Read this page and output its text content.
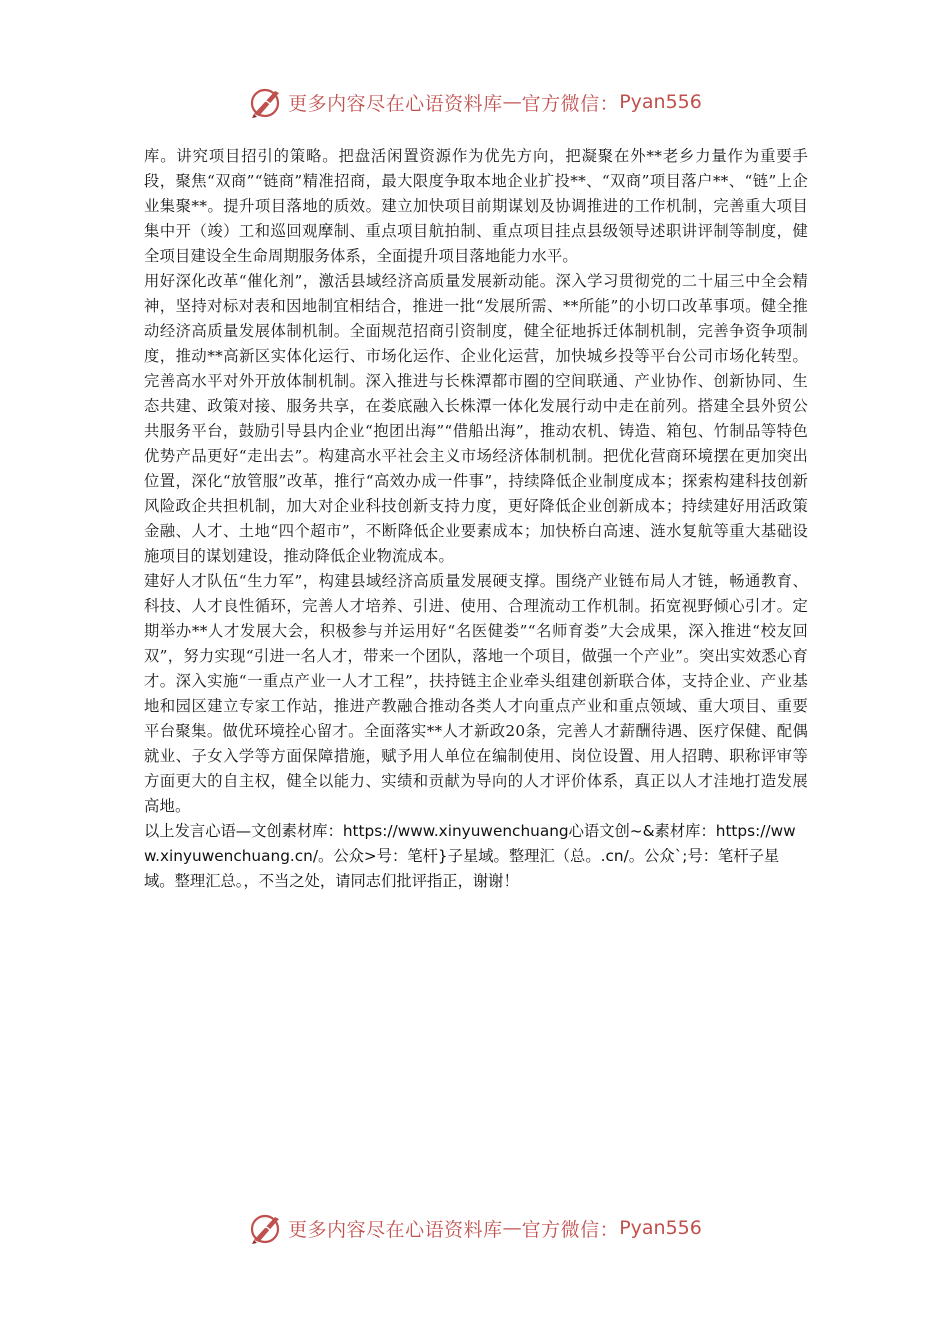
更多内容尽在心语资料库 — 官方微信： Pyan556

库。讲究项目招引的策略。把盘活闲置资源作为优先方向，把凝聚在外**老乡力量作为重要手段，聚焦“双商”“链商”精准招商，最大限度争取本地企业扩投**、“双商”项目落户**、“链”上企业集聚**。提升项目落地的质效。建立加快项目前期谋划及协调推进的工作机制，完善重大项目集中开（竣）工和巡回观摩制、重点项目航拍制、重点项目挂点县级领导述职讲评制等制度，健全项目建设全生命周期服务体系，全面提升项目落地能力水平。

用好深化改革“催化剂”，激活县域经济高质量发展新动能。深入学习贯彻党的二十届三中全会精神，坚持对标对表和因地制宜相结合，推进一批“发展所需、**所能”的小切口改革事项。健全推动经济高质量发展体制机制。全面规范招商引资制度，健全征地拆迁体制机制，完善争资争项制度，推动**高新区实体化运行、市场化运作、企业化运营，加快城乡投等平台公司市场化转型。完善高水平对外开放体制机制。深入推进与长株潭都市圈的空间联通、产业协作、创新协同、生态共建、政策对接、服务共享，在娄底融入长株潭一体化发展行动中走在前列。搭建全县外贸公共服务平台，鼓励引导县内企业“抱团出海”“借船出海”，推动农机、铸造、箱包、竹制品等特色优势产品更好“走出去”。构建高水平社会主义市场经济体制机制。把优化营商环境摆在更加突出位置，深化“放管服”改革，推行“高效办成一件事”，持续降低企业制度成本；探索构建科技创新风险政企共担机制，加大对企业科技创新支持力度，更好降低企业创新成本；持续建好用活政策金融、人才、土地“四个超市”，不断降低企业要素成本；加快桥白高速、涟水复航等重大基础设施项目的谋划建设，推动降低企业物流成本。

建好人才队伍“生力军”，构建县域经济高质量发展硬支撑。围绕产业链布局人才链，畅通教育、科技、人才良性循环，完善人才培养、引进、使用、合理流动工作机制。拓宽视野倾心引才。定期举办**人才发展大会，积极参与并运用好“名医健娄”“名师育娄”大会成果，深入推进“校友回双”，努力实现“引进一名人才，带来一个团队，落地一个项目，做强一个产业”。突出实效悉心育才。深入实施“一重点产业一人才工程”，扶持链主企业牵头组建创新联合体，支持企业、产业基地和园区建立专家工作站，推进产教融合推动各类人才向重点产业和重点领域、重大项目、重要平台聚集。做优环境拴心留才。全面落实**人才新政20条，完善人才薪酬待遇、医疗保健、配偶就业、子女入学等方面保障措施，赋予用人单位在编制使用、岗位设置、用人招聘、职称评审等方面更大的自主权，健全以能力、实绩和贡献为导向的人才评价体系，真正以人才洼地打造发展高地。

以上发言心语—文创素材库：https://www.xinyuwenchuang心语文创~&素材库：https://www.xinyuwenchuang.cn/。公众>号：笔杆}子星域。整理汇（总。.cn/。公众`;号：笔杆子星域。整理汇总。，不当之处，请同志们批评指正，谢谢！

更多内容尽在心语资料库 — 官方微信： Pyan556
